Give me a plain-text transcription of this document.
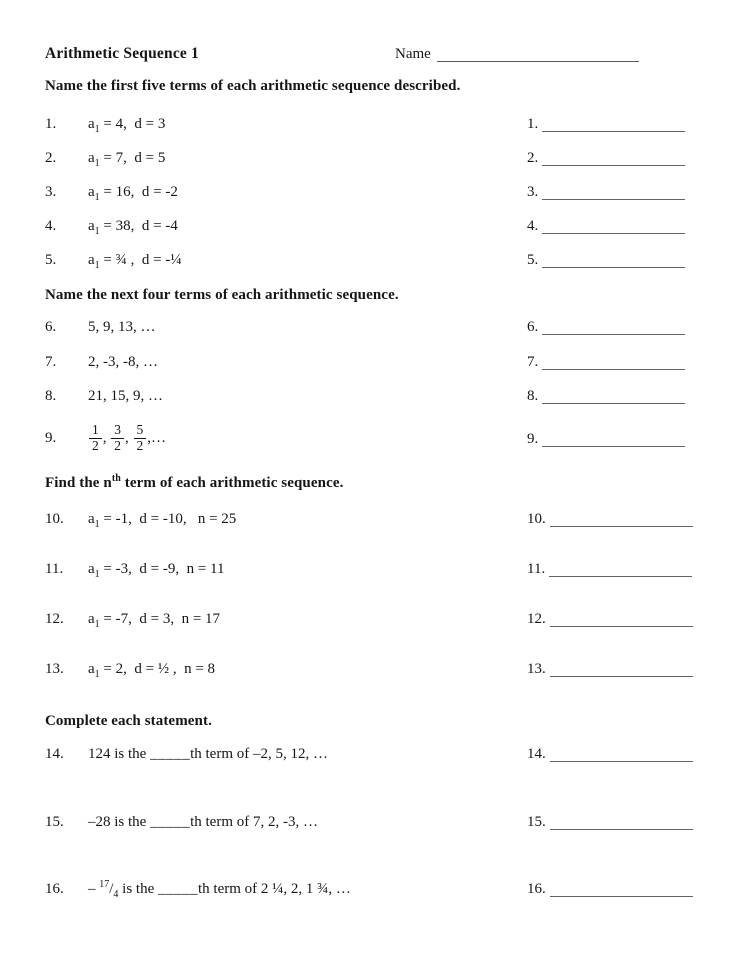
Arithmetic Sequence 1	Name
Name the first five terms of each arithmetic sequence described.
1. $a_1 = 4$,  d = 3	1.
2. $a_1 = 7$,  d = 5	2.
3. $a_1 = 16$,  d = -2	3.
4. $a_1 = 38$,  d = -4	4.
5. $a_1$ = ¾ ,  d = -¼	5.
Name the next four terms of each arithmetic sequence.
6. 5, 9, 13, …	6.
7. 2, -3, -8, …	7.
8. 21, 15, 9, …	8.
9. $\frac{1}{2}$ , $\frac{3}{2}$ , $\frac{5}{2}$ ,…	9.
Find the $n^{th}$ term of each arithmetic sequence.
10. $a_1 = -1$,  d = -10,   n = 25	10.
11. $a_1 = -3$,  d = -9,  n = 11	11.
12. $a_1 = -7$,  d = 3,  n = 17	12.
13. $a_1 = 2$,  d = ½ ,  n = 8	13.
Complete each statement.
14. 124 is the _____th term of –2, 5, 12, …	14.
15. –28 is the _____th term of 7, 2, -3, …	15.
16. – $^{17}/_4$ is the _____th term of 2 ¼, 2, 1 ¾, …	16.
